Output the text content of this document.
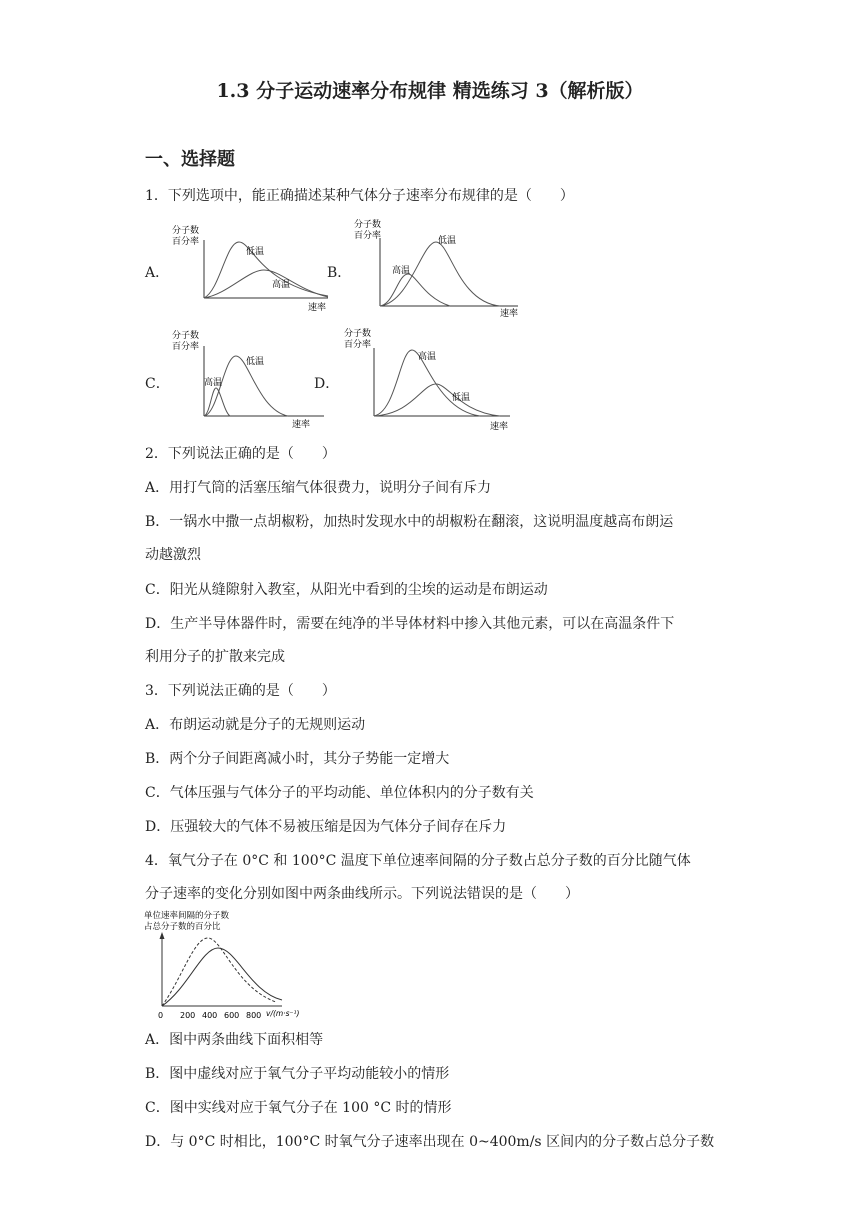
1.3 分子运动速率分布规律 精选练习 3（解析版）
一、选择题
1．下列选项中，能正确描述某种气体分子速率分布规律的是（　　）
A．	B．
C．	D．
分子数
百分率
低温
高温
速率
分子数
百分率
高温
低温
速率
分子数
百分率
高温
低温
速率
分子数
百分率
高温
低温
速率
2．下列说法正确的是（　　）
A．用打气筒的活塞压缩气体很费力，说明分子间有斥力
B．一锅水中撒一点胡椒粉，加热时发现水中的胡椒粉在翻滚，这说明温度越高布朗运
动越激烈
C．阳光从缝隙射入教室，从阳光中看到的尘埃的运动是布朗运动
D．生产半导体器件时，需要在纯净的半导体材料中掺入其他元素，可以在高温条件下
利用分子的扩散来完成
3．下列说法正确的是（　　）
A．布朗运动就是分子的无规则运动
B．两个分子间距离减小时，其分子势能一定增大
C．气体压强与气体分子的平均动能、单位体积内的分子数有关
D．压强较大的气体不易被压缩是因为气体分子间存在斥力
4．氧气分子在 0°C 和 100°C 温度下单位速率间隔的分子数占总分子数的百分比随气体
分子速率的变化分别如图中两条曲线所示。下列说法错误的是（　　）
单位速率间隔的分子数
占总分子数的百分比
0 200 400 600 800 v/(m·s⁻¹)
A．图中两条曲线下面积相等
B．图中虚线对应于氧气分子平均动能较小的情形
C．图中实线对应于氧气分子在 100 °C 时的情形
D．与 0°C 时相比，100°C 时氧气分子速率出现在 0~400m/s 区间内的分子数占总分子数
